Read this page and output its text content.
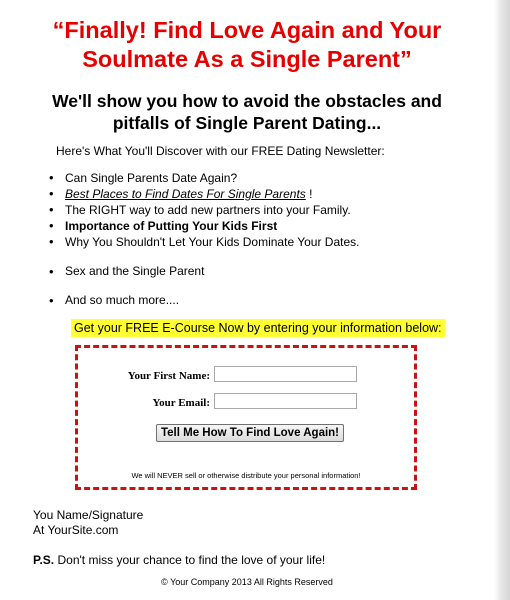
“Finally! Find Love Again and Your
Soulmate As a Single Parent”
We'll show you how to avoid the obstacles and
pitfalls of Single Parent Dating...
Here's What You'll Discover with our FREE Dating Newsletter:
• Can Single Parents Date Again?
• Best Places to Find Dates For Single Parents !
• The RIGHT way to add new partners into your Family.
• Importance of Putting Your Kids First
• Why You Shouldn't Let Your Kids Dominate Your Dates.
• Sex and the Single Parent
• And so much more....
Get your FREE E-Course Now by entering your information below:
Your First Name:
Your Email:
Tell Me How To Find Love Again!
We will NEVER sell or otherwise distribute your personal information!
You Name/Signature
At YourSite.com
P.S. Don't miss your chance to find the love of your life!
© Your Company 2013 All Rights Reserved
